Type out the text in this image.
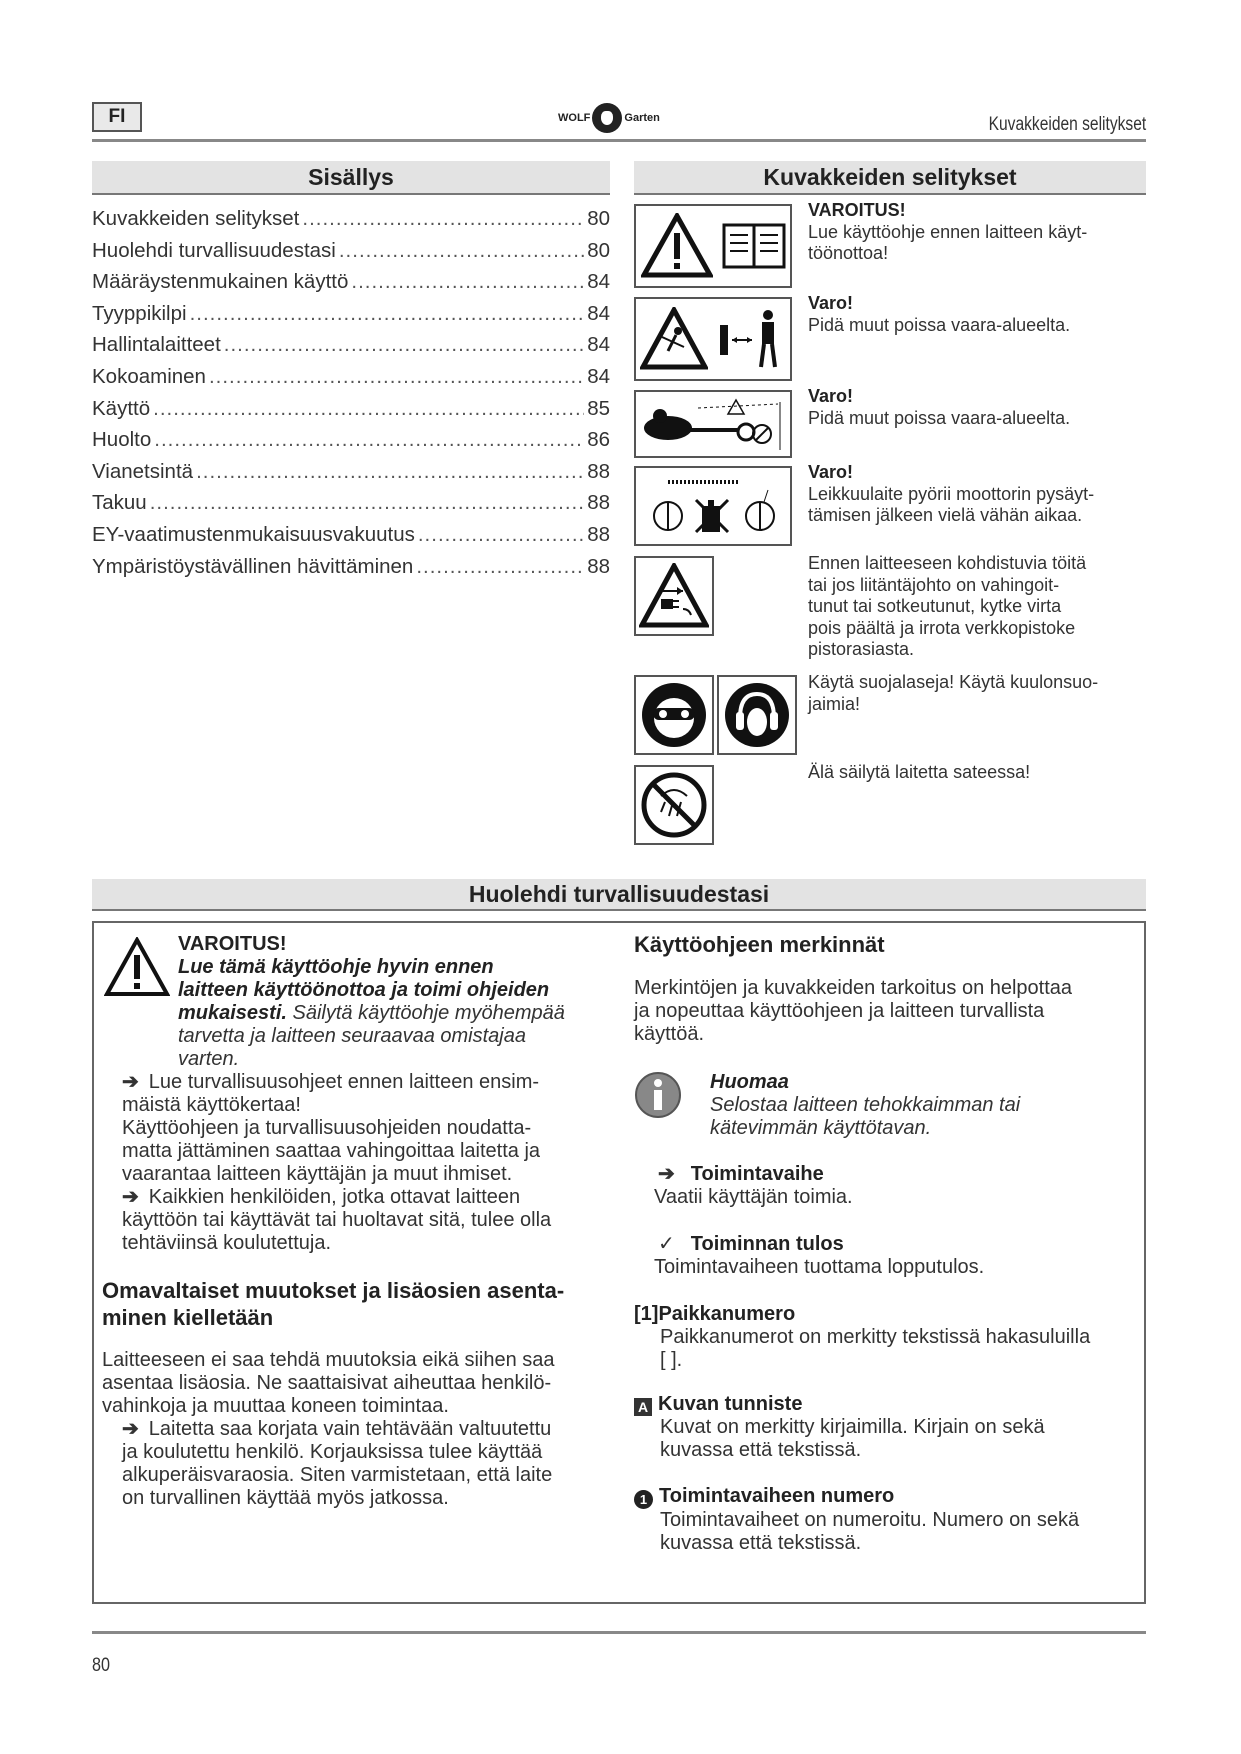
FI	WOLF	Garten	Kuvakkeiden selitykset
Sisällys
Kuvakkeiden selitykset .....	80
Huolehdi turvallisuudestasi .....	80
Määräystenmukainen käyttö .....	84
Tyyppikilpi .....	84
Hallintalaitteet .....	84
Kokoaminen .....	84
Käyttö .....	85
Huolto .....	86
Vianetsintä .....	88
Takuu .....	88
EY-vaatimustenmukaisuusvakuutus .....	88
Ympäristöystävällinen hävittäminen .....	88
Kuvakkeiden selitykset
VAROITUS!
Lue käyttöohje ennen laitteen käyt-
töönottoa!
Varo!
Pidä muut poissa vaara-alueelta.
Varo!
Pidä muut poissa vaara-alueelta.
Varo!
Leikkuulaite pyörii moottorin pysäyt-
tämisen jälkeen vielä vähän aikaa.
Ennen laitteeseen kohdistuvia töitä
tai jos liitäntäjohto on vahingoit-
tunut tai sotkeutunut, kytke virta
pois päältä ja irrota verkkopistoke
pistorasiasta.
Käytä suojalaseja! Käytä kuulonsuo-
jaimia!
Älä säilytä laitetta sateessa!
Huolehdi turvallisuudestasi
VAROITUS!
Lue tämä käyttöohje hyvin ennen
laitteen käyttöönottoa ja toimi ohjeiden
mukaisesti. Säilytä käyttöohje myöhempää
tarvetta ja laitteen seuraavaa omistajaa
varten.
➔ Lue turvallisuusohjeet ennen laitteen ensim-
mäistä käyttökertaa!
Käyttöohjeen ja turvallisuusohjeiden noudatta-
matta jättäminen saattaa vahingoittaa laitetta ja
vaarantaa laitteen käyttäjän ja muut ihmiset.
➔ Kaikkien henkilöiden, jotka ottavat laitteen
käyttöön tai käyttävät tai huoltavat sitä, tulee olla
tehtäviinsä koulutettuja.
Omavaltaiset muutokset ja lisäosien asenta-
minen kielletään
Laitteeseen ei saa tehdä muutoksia eikä siihen saa
asentaa lisäosia. Ne saattaisivat aiheuttaa henkilö-
vahinkoja ja muuttaa koneen toimintaa.
➔ Laitetta saa korjata vain tehtävään valtuutettu
ja koulutettu henkilö. Korjauksissa tulee käyttää
alkuperäisvaraosia. Siten varmistetaan, että laite
on turvallinen käyttää myös jatkossa.
Käyttöohjeen merkinnät
Merkintöjen ja kuvakkeiden tarkoitus on helpottaa
ja nopeuttaa käyttöohjeen ja laitteen turvallista
käyttöä.
Huomaa
Selostaa laitteen tehokkaimman tai
kätevimmän käyttötavan.
➔ Toimintavaihe
Vaatii käyttäjän toimia.
✓ Toiminnan tulos
Toimintavaiheen tuottama lopputulos.
[1]Paikkanumero
Paikkanumerot on merkitty tekstissä hakasuluilla
[ ].
A Kuvan tunniste
Kuvat on merkitty kirjaimilla. Kirjain on sekä
kuvassa että tekstissä.
1 Toimintavaiheen numero
Toimintavaiheet on numeroitu. Numero on sekä
kuvassa että tekstissä.
80
